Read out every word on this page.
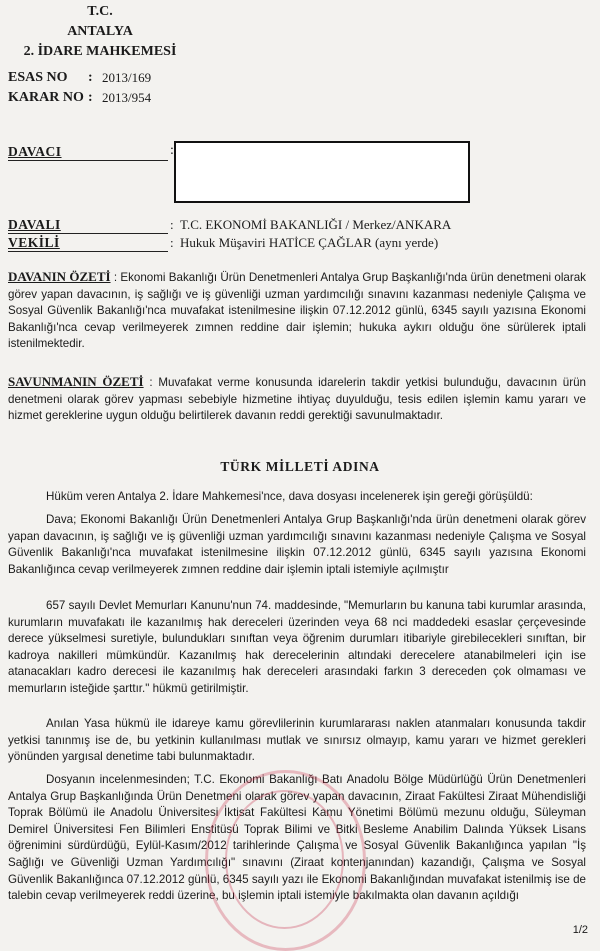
T.C.
ANTALYA
2. İDARE MAHKEMESİ
ESAS NO	: 2013/169
KARAR NO : 2013/954
DAVACI	:
DAVALI	: T.C. EKONOMİ BAKANLIĞI / Merkez/ANKARA
VEKİLİ	: Hukuk Müşaviri HATİCE ÇAĞLAR (aynı yerde)
DAVANIN ÖZETİ : Ekonomi Bakanlığı Ürün Denetmenleri Antalya Grup Başkanlığı'nda ürün denetmeni olarak görev yapan davacının, iş sağlığı ve iş güvenliği uzman yardımcılığı sınavını kazanması nedeniyle Çalışma ve Sosyal Güvenlik Bakanlığı'nca muvafakat istenilmesine ilişkin 07.12.2012 günlü, 6345 sayılı yazısına Ekonomi Bakanlığı'nca cevap verilmeyerek zımnen reddine dair işlemin; hukuka aykırı olduğu öne sürülerek iptali istenilmektedir.
SAVUNMANIN ÖZETİ : Muvafakat verme konusunda idarelerin takdir yetkisi bulunduğu, davacının ürün denetmeni olarak görev yapması sebebiyle hizmetine ihtiyaç duyulduğu, tesis edilen işlemin kamu yararı ve hizmet gereklerine uygun olduğu belirtilerek davanın reddi gerektiği savunulmaktadır.
TÜRK MİLLETİ ADINA
Hüküm veren Antalya 2. İdare Mahkemesi'nce, dava dosyası incelenerek işin gereği görüşüldü:
Dava; Ekonomi Bakanlığı Ürün Denetmenleri Antalya Grup Başkanlığı'nda ürün denetmeni olarak görev yapan davacının, iş sağlığı ve iş güvenliği uzman yardımcılığı sınavını kazanması nedeniyle Çalışma ve Sosyal Güvenlik Bakanlığı'nca muvafakat istenilmesine ilişkin 07.12.2012 günlü, 6345 sayılı yazısına Ekonomi Bakanlığınca cevap verilmeyerek zımnen reddine dair işlemin iptali istemiyle açılmıştır
657 sayılı Devlet Memurları Kanunu'nun 74. maddesinde, "Memurların bu kanuna tabi kurumlar arasında, kurumların muvafakatı ile kazanılmış hak dereceleri üzerinden veya 68 nci maddedeki esaslar çerçevesinde derece yükselmesi suretiyle, bulundukları sınıftan veya öğrenim durumları itibariyle girebilecekleri sınıftan, bir kadroya nakilleri mümkündür. Kazanılmış hak derecelerinin altındaki derecelere atanabilmeleri için ise atanacakları kadro derecesi ile kazanılmış hak dereceleri arasındaki farkın 3 dereceden çok olmaması ve memurların isteğide şarttır." hükmü getirilmiştir.
Anılan Yasa hükmü ile idareye kamu görevlilerinin kurumlararası naklen atanmaları konusunda takdir yetkisi tanınmış ise de, bu yetkinin kullanılması mutlak ve sınırsız olmayıp, kamu yararı ve hizmet gerekleri yönünden yargısal denetime tabi bulunmaktadır.
Dosyanın incelenmesinden; T.C. Ekonomi Bakanlığı Batı Anadolu Bölge Müdürlüğü Ürün Denetmenleri Antalya Grup Başkanlığında Ürün Denetmeni olarak görev yapan davacının, Ziraat Fakültesi Ziraat Mühendisliği Toprak Bölümü ile Anadolu Üniversitesi İktisat Fakültesi Kamu Yönetimi Bölümü mezunu olduğu, Süleyman Demirel Üniversitesi Fen Bilimleri Enstitüsü Toprak Bilimi ve Bitki Besleme Anabilim Dalında Yüksek Lisans öğrenimini sürdürdüğü, Eylül-Kasım/2012 tarihlerinde Çalışma ve Sosyal Güvenlik Bakanlığınca yapılan "İş Sağlığı ve Güvenliği Uzman Yardımcılığı" sınavını (Ziraat kontenjanından) kazandığı, Çalışma ve Sosyal Güvenlik Bakanlığınca 07.12.2012 günlü, 6345 sayılı yazı ile Ekonomi Bakanlığından muvafakat istenilmiş ise de talebin cevap verilmeyerek reddi üzerine, bu işlemin iptali istemiyle bakılmakta olan davanın açıldığı
1/2
